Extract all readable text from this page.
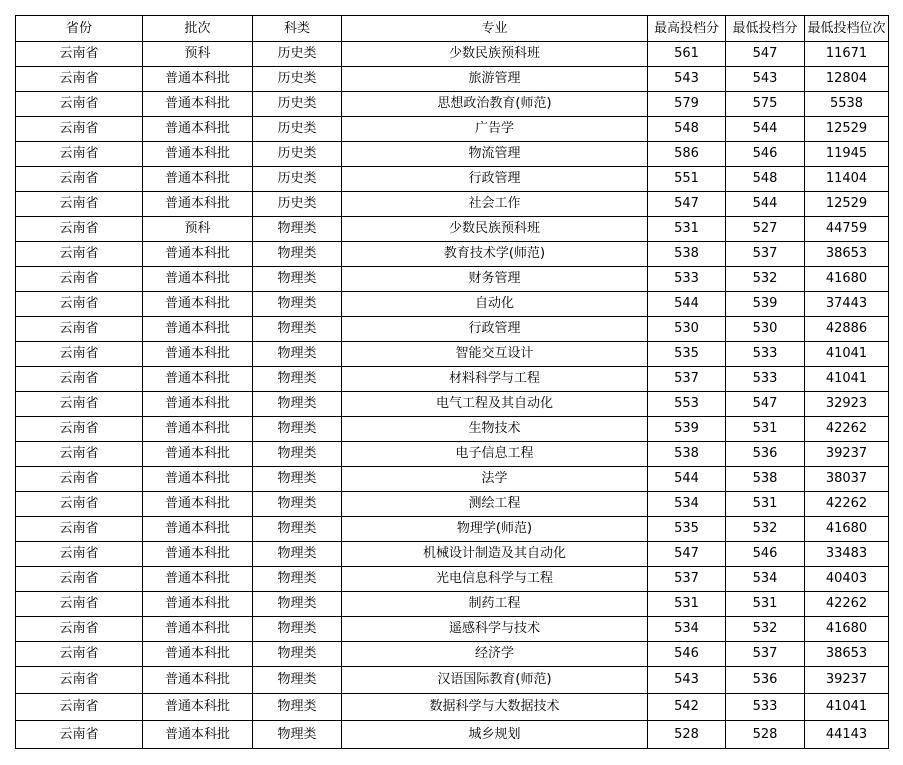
省份	批次	科类	专业	最高投档分	最低投档分	最低投档位次
云南省	预科	历史类	少数民族预科班	561	547	11671
云南省	普通本科批	历史类	旅游管理	543	543	12804
云南省	普通本科批	历史类	思想政治教育(师范)	579	575	5538
云南省	普通本科批	历史类	广告学	548	544	12529
云南省	普通本科批	历史类	物流管理	586	546	11945
云南省	普通本科批	历史类	行政管理	551	548	11404
云南省	普通本科批	历史类	社会工作	547	544	12529
云南省	预科	物理类	少数民族预科班	531	527	44759
云南省	普通本科批	物理类	教育技术学(师范)	538	537	38653
云南省	普通本科批	物理类	财务管理	533	532	41680
云南省	普通本科批	物理类	自动化	544	539	37443
云南省	普通本科批	物理类	行政管理	530	530	42886
云南省	普通本科批	物理类	智能交互设计	535	533	41041
云南省	普通本科批	物理类	材料科学与工程	537	533	41041
云南省	普通本科批	物理类	电气工程及其自动化	553	547	32923
云南省	普通本科批	物理类	生物技术	539	531	42262
云南省	普通本科批	物理类	电子信息工程	538	536	39237
云南省	普通本科批	物理类	法学	544	538	38037
云南省	普通本科批	物理类	测绘工程	534	531	42262
云南省	普通本科批	物理类	物理学(师范)	535	532	41680
云南省	普通本科批	物理类	机械设计制造及其自动化	547	546	33483
云南省	普通本科批	物理类	光电信息科学与工程	537	534	40403
云南省	普通本科批	物理类	制药工程	531	531	42262
云南省	普通本科批	物理类	遥感科学与技术	534	532	41680
云南省	普通本科批	物理类	经济学	546	537	38653
云南省	普通本科批	物理类	汉语国际教育(师范)	543	536	39237
云南省	普通本科批	物理类	数据科学与大数据技术	542	533	41041
云南省	普通本科批	物理类	城乡规划	528	528	44143
